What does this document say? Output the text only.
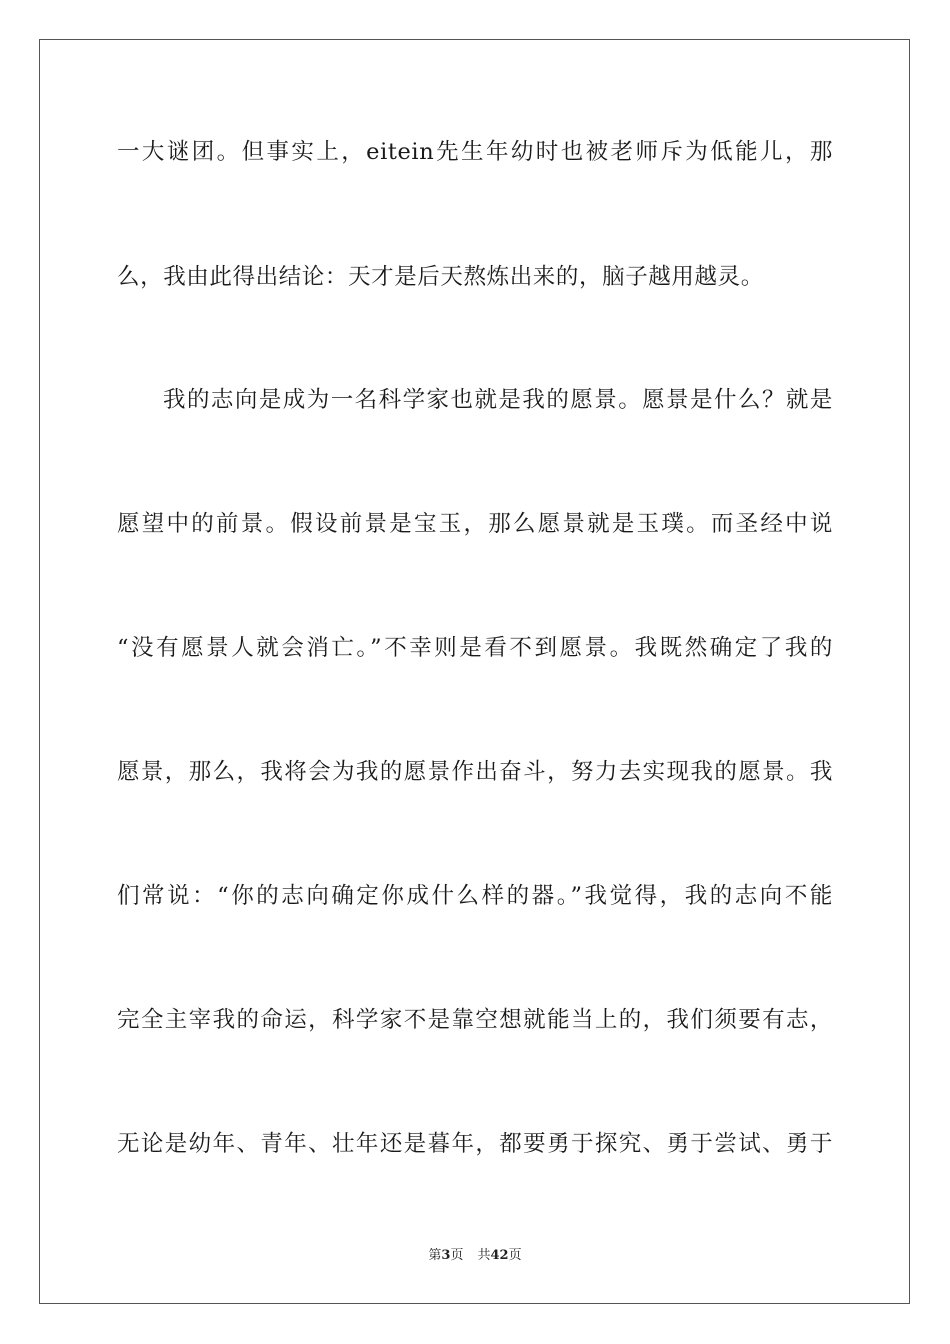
一大谜团。但事实上，eitein先生年幼时也被老师斥为低能儿，那
么，我由此得出结论：天才是后天熬炼出来的，脑子越用越灵。
我的志向是成为一名科学家也就是我的愿景。愿景是什么？就是
愿望中的前景。假设前景是宝玉，那么愿景就是玉璞。而圣经中说
“没有愿景人就会消亡。”不幸则是看不到愿景。我既然确定了我的
愿景，那么，我将会为我的愿景作出奋斗，努力去实现我的愿景。我
们常说：“你的志向确定你成什么样的器。”我觉得，我的志向不能
完全主宰我的命运，科学家不是靠空想就能当上的，我们须要有志，
无论是幼年、青年、壮年还是暮年，都要勇于探究、勇于尝试、勇于
第3页 共42页
